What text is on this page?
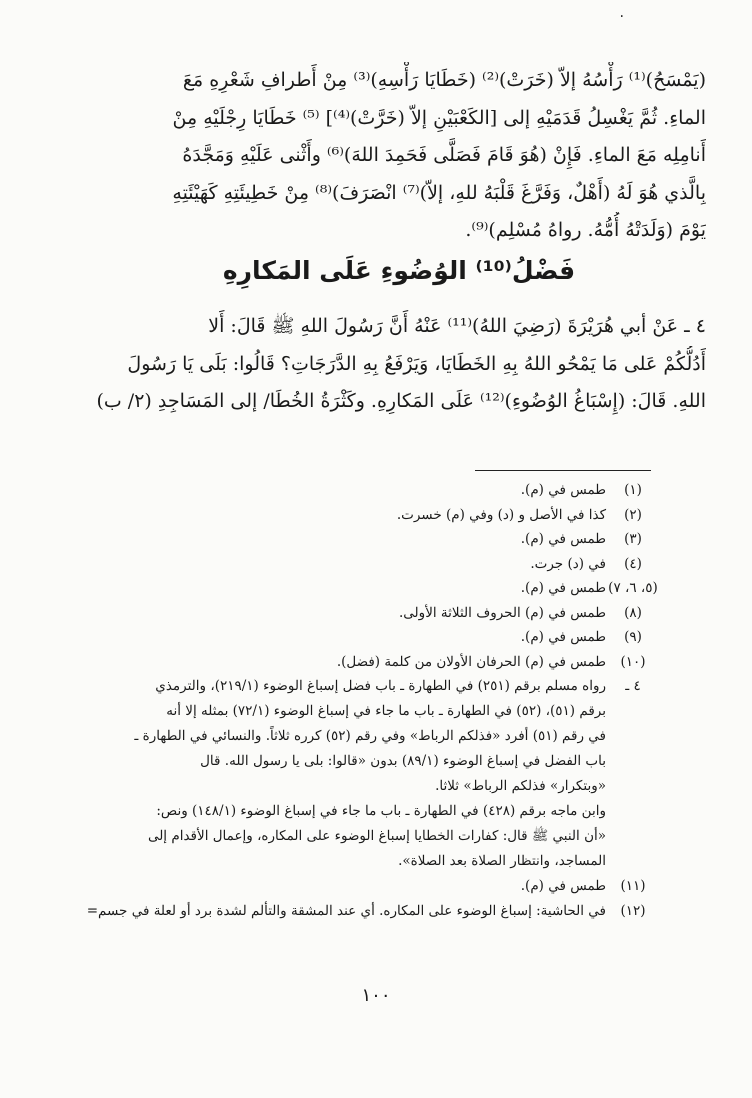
٠
(يَمْسَحُ)⁽¹⁾ رَأْسُهُ إلاّ (خَرَتْ)⁽²⁾ (خَطَايَا رَأْسِهِ)⁽³⁾ مِنْ أَطرافِ شَعْرِهِ مَعَ
الماءِ. ثُمَّ يَغْسِلُ قَدَمَيْهِ إلى [الكَعْبَيْنِ إلاّ (خَرَّتْ)⁽⁴⁾] ⁽⁵⁾ خَطَايَا رِجْلَيْهِ مِنْ
أَنامِلِه مَعَ الماءِ. فَإِنْ (هُوَ قَامَ فَصَلَّى فَحَمِدَ اللهَ)⁽⁶⁾ وأَثْنى عَلَيْهِ وَمَجَّدَهُ
بِالَّذي هُوَ لَهُ (أَهْلٌ، وَفَرَّغَ قَلْبَهُ للهِ، إلاّ)⁽⁷⁾ انْصَرَفَ)⁽⁸⁾ مِنْ خَطِيئَتِهِ كَهَيْئَتِهِ
يَوْمَ (وَلَدَتْهُ أُمُّهُ. رواهُ مُسْلِم)⁽⁹⁾.
فَضْلُ⁽¹⁰⁾ الوُضُوءِ عَلَى المَكارِهِ
٤ ـ عَنْ أبي هُرَيْرَةَ (رَضِيَ اللهُ)⁽¹¹⁾ عَنْهُ أَنَّ رَسُولَ اللهِ ﷺ قَالَ: أَلا
أَدُلُّكُمْ عَلى مَا يَمْحُو اللهُ بِهِ الخَطَايَا، وَيَرْفَعُ بِهِ الدَّرَجَاتِ؟ قَالُوا: بَلَى يَا رَسُولَ
اللهِ. قَالَ: (إِسْبَاغُ الوُضُوءِ)⁽¹²⁾ عَلَى المَكارِهِ. وكَثْرَةُ الخُطَا/ إلى المَسَاجِدِ (٢/ ب)
(١)طمس في (م).
(٢)كذا في الأصل و (د) وفي (م) خسرت.
(٣)طمس في (م).
(٤)في (د) جرت.
(٥، ٦، ٧)طمس في (م).
(٨)طمس في (م) الحروف الثلاثة الأولى.
(٩)طمس في (م).
(١٠)طمس في (م) الحرفان الأولان من كلمة (فضل).
٤ ـ
رواه مسلم برقم (٢٥١) في الطهارة ـ باب فضل إسباغ الوضوء (٢١٩/١)، والترمذي
برقم (٥١)، (٥٢) في الطهارة ـ باب ما جاء في إسباغ الوضوء (٧٢/١) بمثله إلا أنه
في رقم (٥١) أفرد «فذلكم الرباط» وفي رقم (٥٢) كرره ثلاثاً. والنسائي في الطهارة ـ
باب الفضل في إسباغ الوضوء (٨٩/١) بدون «قالوا: بلى يا رسول الله. قال
«وبتكرار» فذلكم الرباط» ثلاثا.
وابن ماجه برقم (٤٢٨) في الطهارة ـ باب ما جاء في إسباغ الوضوء (١٤٨/١) ونص:
«أن النبي ﷺ قال: كفارات الخطايا إسباغ الوضوء على المكاره، وإعمال الأقدام إلى
المساجد، وانتظار الصلاة بعد الصلاة».
(١١)طمس في (م).
(١٢)في الحاشية: إسباغ الوضوء على المكاره. أي عند المشقة والتألم لشدة برد أو لعلة في جسم=
١٠٠
